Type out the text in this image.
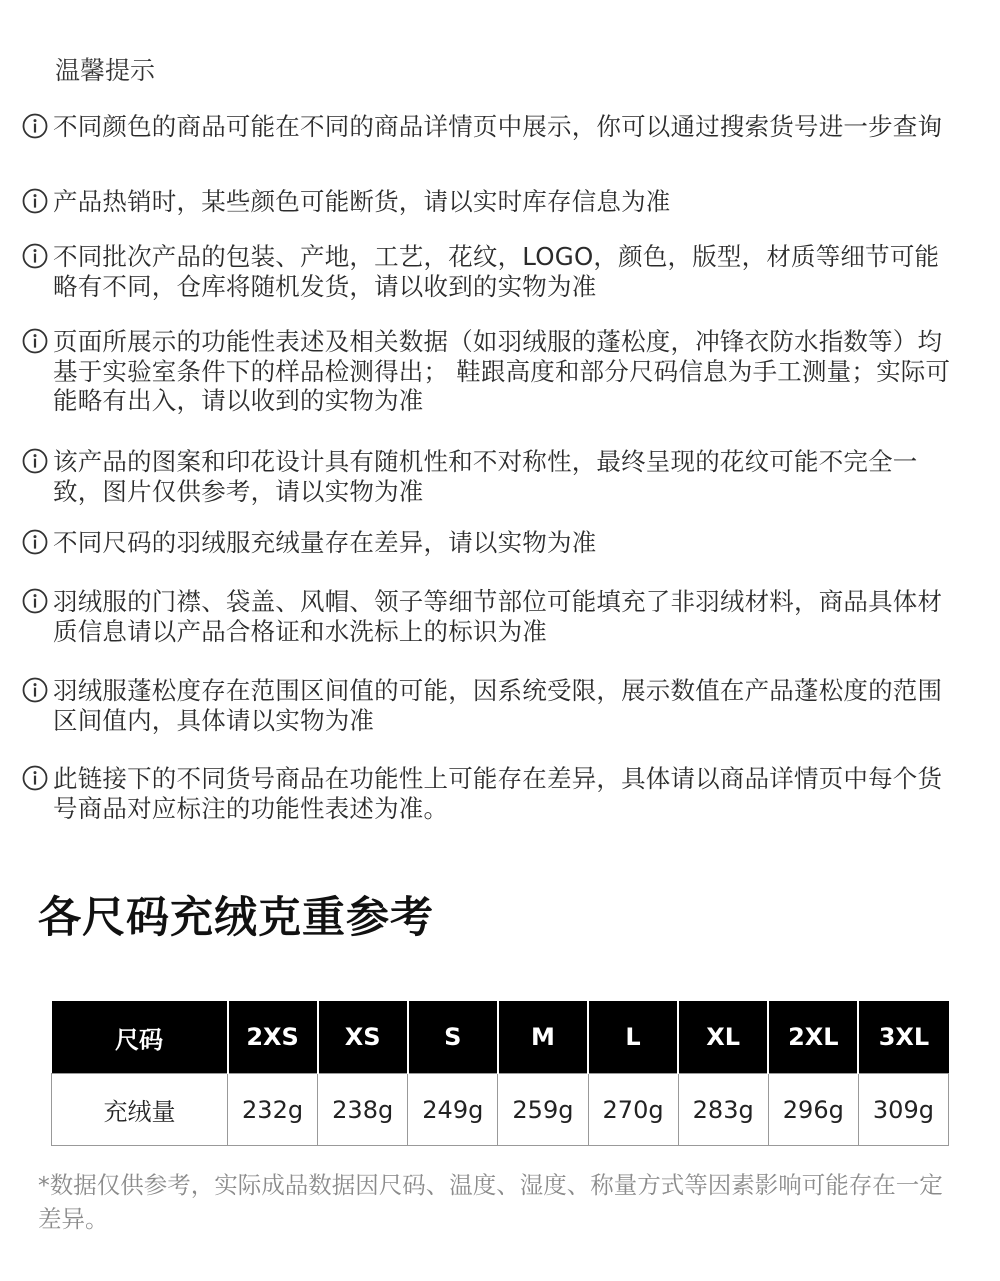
温馨提示
不同颜色的商品可能在不同的商品详情页中展示，你可以通过搜索货号进一步查询
产品热销时，某些颜色可能断货，请以实时库存信息为准
不同批次产品的包装、产地，工艺，花纹，LOGO，颜色，版型，材质等细节可能略有不同，仓库将随机发货，请以收到的实物为准
页面所展示的功能性表述及相关数据（如羽绒服的蓬松度，冲锋衣防水指数等）均基于实验室条件下的样品检测得出； 鞋跟高度和部分尺码信息为手工测量；实际可能略有出入，请以收到的实物为准
该产品的图案和印花设计具有随机性和不对称性，最终呈现的花纹可能不完全一致，图片仅供参考，请以实物为准
不同尺码的羽绒服充绒量存在差异，请以实物为准
羽绒服的门襟、袋盖、风帽、领子等细节部位可能填充了非羽绒材料，商品具体材质信息请以产品合格证和水洗标上的标识为准
羽绒服蓬松度存在范围区间值的可能，因系统受限，展示数值在产品蓬松度的范围区间值内，具体请以实物为准
此链接下的不同货号商品在功能性上可能存在差异，具体请以商品详情页中每个货号商品对应标注的功能性表述为准。
各尺码充绒克重参考
尺码	2XS	XS	S	M	L	XL	2XL	3XL
充绒量	232g	238g	249g	259g	270g	283g	296g	309g
*数据仅供参考，实际成品数据因尺码、温度、湿度、称量方式等因素影响可能存在一定差异。
